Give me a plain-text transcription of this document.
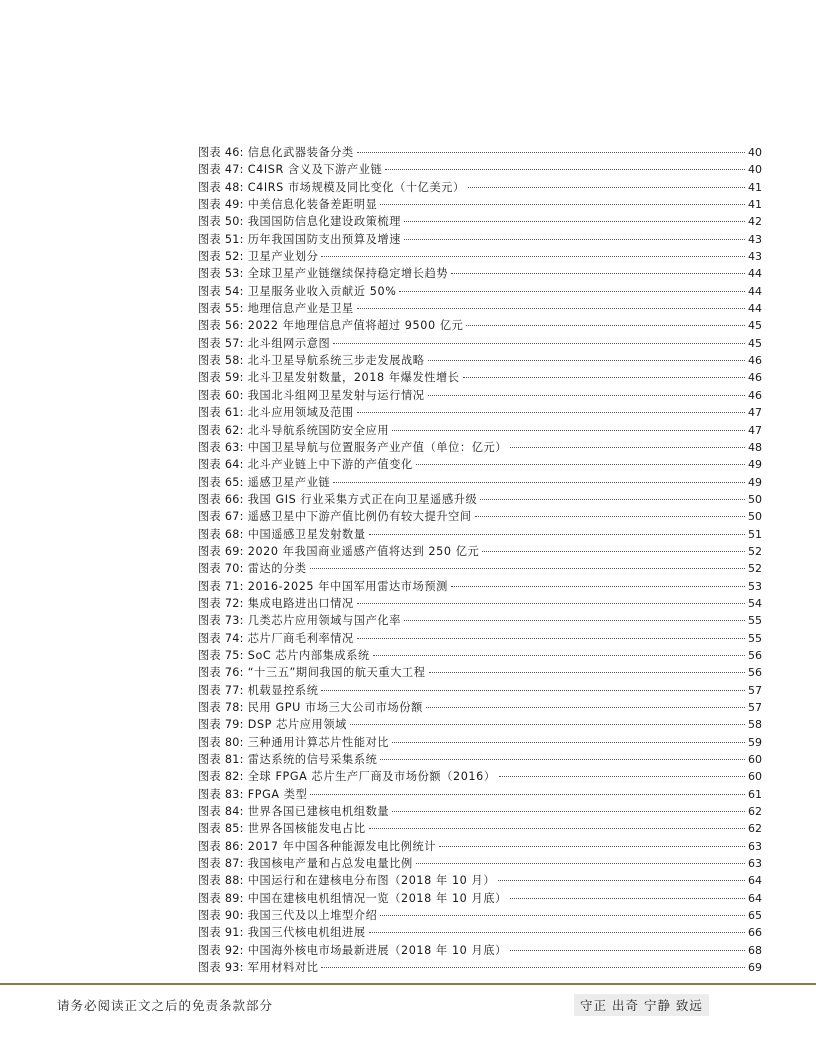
图表 46: 信息化武器装备分类	40
图表 47: C4ISR 含义及下游产业链	40
图表 48: C4IRS 市场规模及同比变化（十亿美元）	41
图表 49: 中美信息化装备差距明显	41
图表 50: 我国国防信息化建设政策梳理	42
图表 51: 历年我国国防支出预算及增速	43
图表 52: 卫星产业划分	43
图表 53: 全球卫星产业链继续保持稳定增长趋势	44
图表 54: 卫星服务业收入贡献近 50%	44
图表 55: 地理信息产业是卫星	44
图表 56: 2022 年地理信息产值将超过 9500 亿元	45
图表 57: 北斗组网示意图	45
图表 58: 北斗卫星导航系统三步走发展战略	46
图表 59: 北斗卫星发射数量，2018 年爆发性增长	46
图表 60: 我国北斗组网卫星发射与运行情况	46
图表 61: 北斗应用领域及范围	47
图表 62: 北斗导航系统国防安全应用	47
图表 63: 中国卫星导航与位置服务产业产值（单位：亿元）	48
图表 64: 北斗产业链上中下游的产值变化	49
图表 65: 遥感卫星产业链	49
图表 66: 我国 GIS 行业采集方式正在向卫星遥感升级	50
图表 67: 遥感卫星中下游产值比例仍有较大提升空间	50
图表 68: 中国遥感卫星发射数量	51
图表 69: 2020 年我国商业遥感产值将达到 250 亿元	52
图表 70: 雷达的分类	52
图表 71: 2016-2025 年中国军用雷达市场预测	53
图表 72: 集成电路进出口情况	54
图表 73: 几类芯片应用领域与国产化率	55
图表 74: 芯片厂商毛利率情况	55
图表 75: SoC 芯片内部集成系统	56
图表 76: “十三五”期间我国的航天重大工程	56
图表 77: 机载显控系统	57
图表 78: 民用 GPU 市场三大公司市场份额	57
图表 79: DSP 芯片应用领域	58
图表 80: 三种通用计算芯片性能对比	59
图表 81: 雷达系统的信号采集系统	60
图表 82: 全球 FPGA 芯片生产厂商及市场份额（2016）	60
图表 83: FPGA 类型	61
图表 84: 世界各国已建核电机组数量	62
图表 85: 世界各国核能发电占比	62
图表 86: 2017 年中国各种能源发电比例统计	63
图表 87: 我国核电产量和占总发电量比例	63
图表 88: 中国运行和在建核电分布图（2018 年 10 月）	64
图表 89: 中国在建核电机组情况一览（2018 年 10 月底）	64
图表 90: 我国三代及以上堆型介绍	65
图表 91: 我国三代核电机组进展	66
图表 92: 中国海外核电市场最新进展（2018 年 10 月底）	68
图表 93: 军用材料对比	69
请务必阅读正文之后的免责条款部分	守正 出奇 宁静 致远
